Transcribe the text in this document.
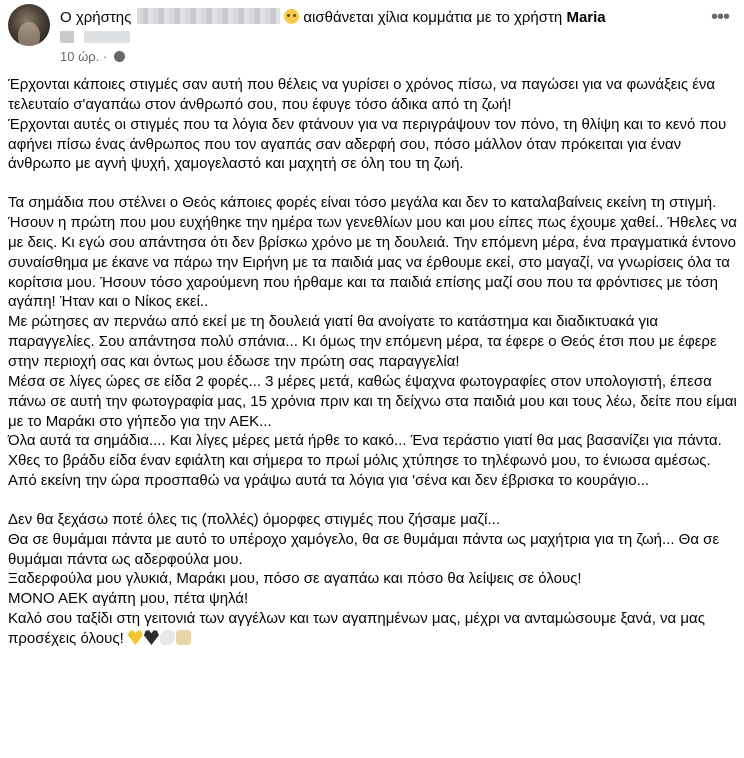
Ο χρήστης	αισθάνεται χίλια κομμάτια με το χρήστη Maria

10 ώρ. ·
•••

Έρχονται κάποιες στιγμές σαν αυτή που θέλεις να γυρίσει ο χρόνος πίσω, να παγώσει για να φωνάξεις ένα τελευταίο σ'αγαπάω στον άνθρωπό σου, που έφυγε τόσο άδικα από τη ζωή!

Έρχονται αυτές οι στιγμές που τα λόγια δεν φτάνουν για να περιγράψουν τον πόνο, τη θλίψη και το κενό που αφήνει πίσω ένας άνθρωπος που τον αγαπάς σαν αδερφή σου, πόσο μάλλον όταν πρόκειται για έναν άνθρωπο με αγνή ψυχή, χαμογελαστό και μαχητή σε όλη του τη ζωή.

Τα σημάδια που στέλνει ο Θεός κάποιες φορές είναι τόσο μεγάλα και δεν το καταλαβαίνεις εκείνη τη στιγμή.

Ήσουν η πρώτη που μου ευχήθηκε την ημέρα των γενεθλίων μου και μου είπες πως έχουμε χαθεί.. Ήθελες να με δεις. Κι εγώ σου απάντησα ότι δεν βρίσκω χρόνο με τη δουλειά. Την επόμενη μέρα, ένα πραγματικά έντονο συναίσθημα με έκανε να πάρω την Ειρήνη με τα παιδιά μας να έρθουμε εκεί, στο μαγαζί, να γνωρίσεις όλα τα κορίτσια μου. Ήσουν τόσο χαρούμενη που ήρθαμε και τα παιδιά επίσης μαζί σου που τα φρόντισες με τόση αγάπη! Ήταν και ο Νίκος εκεί..

Με ρώτησες αν περνάω από εκεί με τη δουλειά γιατί θα ανοίγατε το κατάστημα και διαδικτυακά για παραγγελίες. Σου απάντησα πολύ σπάνια... Κι όμως την επόμενη μέρα, τα έφερε ο Θεός έτσι που με έφερε στην περιοχή σας και όντως μου έδωσε την πρώτη σας παραγγελία!

Μέσα σε λίγες ώρες σε είδα 2 φορές... 3 μέρες μετά, καθώς έψαχνα φωτογραφίες στον υπολογιστή, έπεσα πάνω σε αυτή την φωτογραφία μας, 15 χρόνια πριν και τη δείχνω στα παιδιά μου και τους λέω, δείτε που είμαι με το Μαράκι στο γήπεδο για την ΑΕΚ...

Όλα αυτά τα σημάδια.... Και λίγες μέρες μετά ήρθε το κακό... Ένα τεράστιο γιατί θα μας βασανίζει για πάντα.

Χθες το βράδυ είδα έναν εφιάλτη και σήμερα το πρωί μόλις χτύπησε το τηλέφωνό μου, το ένιωσα αμέσως. Από εκείνη την ώρα προσπαθώ να γράψω αυτά τα λόγια για 'σένα και δεν έβρισκα το κουράγιο...

Δεν θα ξεχάσω ποτέ όλες τις (πολλές) όμορφες στιγμές που ζήσαμε μαζί...

Θα σε θυμάμαι πάντα με αυτό το υπέροχο χαμόγελο, θα σε θυμάμαι πάντα ως μαχήτρια για τη ζωή... Θα σε θυμάμαι πάντα ως αδερφούλα μου.

Ξαδερφούλα μου γλυκιά, Μαράκι μου, πόσο σε αγαπάω και πόσο θα λείψεις σε όλους!

ΜΟΝΟ ΑΕΚ αγάπη μου, πέτα ψηλά!

Καλό σου ταξίδι στη γειτονιά των αγγέλων και των αγαπημένων μας, μέχρι να ανταμώσουμε ξανά, να μας προσέχεις όλους!
